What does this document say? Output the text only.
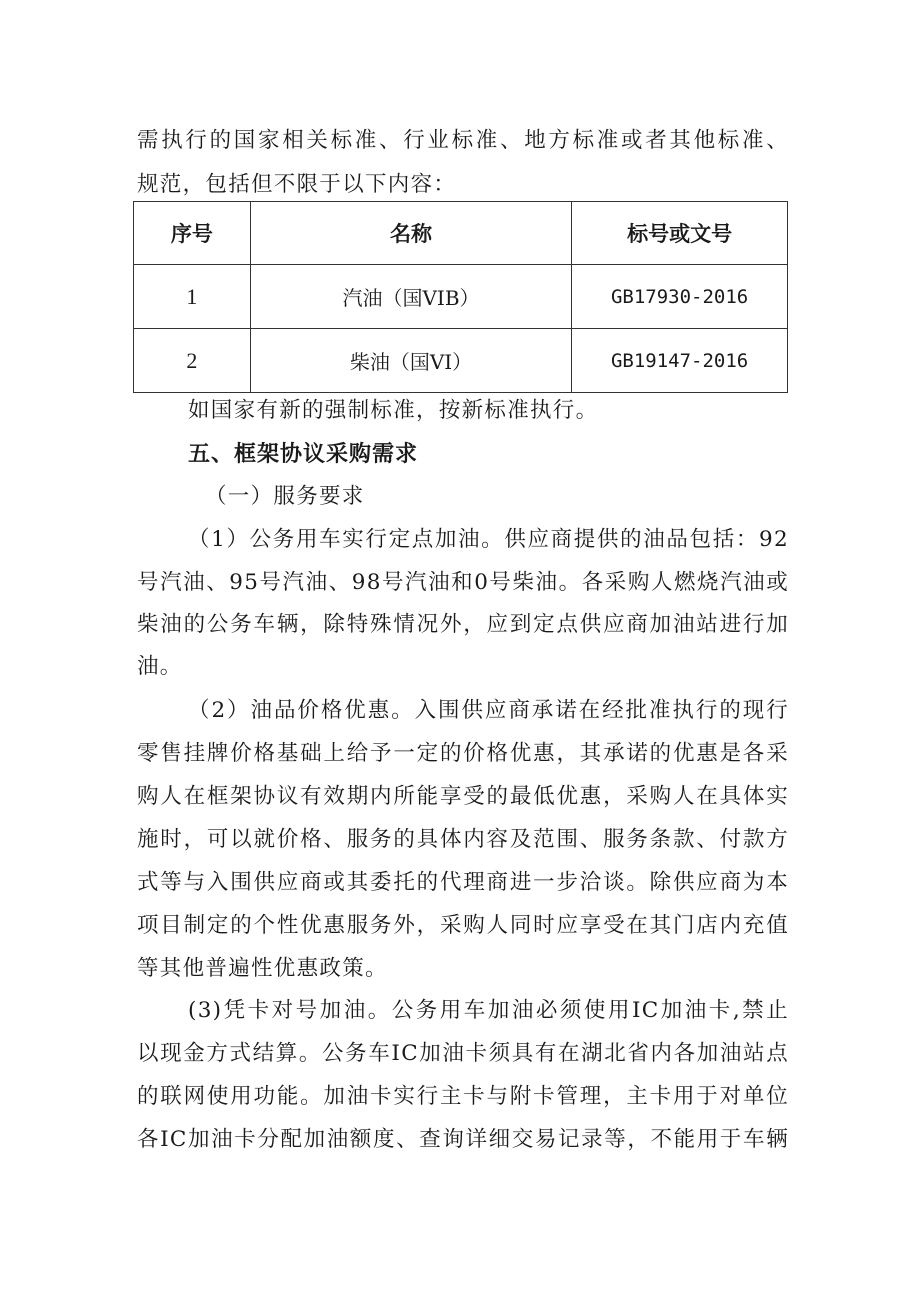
需执行的国家相关标准、行业标准、地方标准或者其他标准、
规范，包括但不限于以下内容：
序号	名称	标号或文号
1	汽油（国VIB）	GB17930-2016
2	柴油（国VI）	GB19147-2016
如国家有新的强制标准，按新标准执行。
五、框架协议采购需求
（一）服务要求
（1）公务用车实行定点加油。供应商提供的油品包括：92
号汽油、95号汽油、98号汽油和0号柴油。各采购人燃烧汽油或
柴油的公务车辆，除特殊情况外，应到定点供应商加油站进行加
油。
（2）油品价格优惠。入围供应商承诺在经批准执行的现行
零售挂牌价格基础上给予一定的价格优惠，其承诺的优惠是各采
购人在框架协议有效期内所能享受的最低优惠，采购人在具体实
施时，可以就价格、服务的具体内容及范围、服务条款、付款方
式等与入围供应商或其委托的代理商进一步洽谈。除供应商为本
项目制定的个性优惠服务外，采购人同时应享受在其门店内充值
等其他普遍性优惠政策。
(3)凭卡对号加油。公务用车加油必须使用IC加油卡,禁止
以现金方式结算。公务车IC加油卡须具有在湖北省内各加油站点
的联网使用功能。加油卡实行主卡与附卡管理，主卡用于对单位
各IC加油卡分配加油额度、查询详细交易记录等，不能用于车辆
